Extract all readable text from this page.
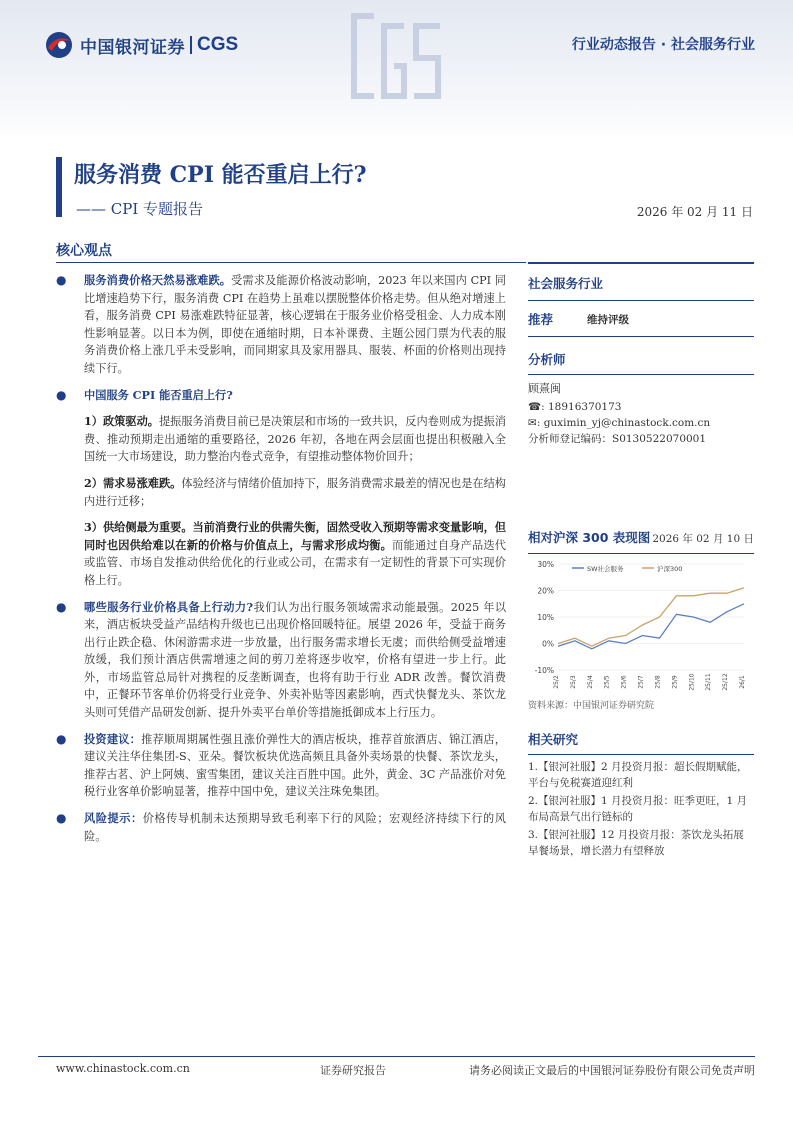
中国银河证券 CGS	行业动态报告 · 社会服务行业
服务消费 CPI 能否重启上行?
—— CPI 专题报告	2026 年 02 月 11 日
核心观点
● 服务消费价格天然易涨难跌。受需求及能源价格波动影响，2023 年以来国内 CPI 同比增速趋势下行，服务消费 CPI 在趋势上虽难以摆脱整体价格走势。但从绝对增速上看，服务消费 CPI 易涨难跌特征显著，核心逻辑在于服务业价格受租金、人力成本刚性影响显著。以日本为例，即使在通缩时期，日本补课费、主题公园门票为代表的服务消费价格上涨几乎未受影响，而同期家具及家用器具、服装、杯面的价格则出现持续下行。
● 中国服务 CPI 能否重启上行?
1）政策驱动。提振服务消费目前已是决策层和市场的一致共识，反内卷则成为提振消费、推动预期走出通缩的重要路径，2026 年初，各地在两会层面也提出积极融入全国统一大市场建设，助力整治内卷式竞争，有望推动整体物价回升；
2）需求易涨难跌。体验经济与情绪价值加持下，服务消费需求最差的情况也是在结构内进行迁移；
3）供给侧最为重要。当前消费行业的供需失衡，固然受收入预期等需求变量影响，但同时也因供给难以在新的价格与价值点上，与需求形成均衡。而能通过自身产品迭代或监管、市场自发推动供给优化的行业或公司，在需求有一定韧性的背景下可实现价格上行。
● 哪些服务行业价格具备上行动力?我们认为出行服务领域需求动能最强。2025 年以来，酒店板块受益产品结构升级也已出现价格回暖特征。展望 2026 年，受益于商务出行止跌企稳、休闲游需求进一步放量，出行服务需求增长无虞；而供给侧受益增速放缓，我们预计酒店供需增速之间的剪刀差将逐步收窄，价格有望进一步上行。此外，市场监管总局针对携程的反垄断调查，也将有助于行业 ADR 改善。餐饮消费中，正餐环节客单价仍将受行业竞争、外卖补贴等因素影响，西式快餐龙头、茶饮龙头则可凭借产品研发创新、提升外卖平台单价等措施抵御成本上行压力。
● 投资建议：推荐顺周期属性强且涨价弹性大的酒店板块，推荐首旅酒店、锦江酒店，建议关注华住集团-S、亚朵。餐饮板块优选高频且具备外卖场景的快餐、茶饮龙头，推荐古茗、沪上阿姨、蜜雪集团，建议关注百胜中国。此外，黄金、3C 产品涨价对免税行业客单价影响显著，推荐中国中免，建议关注珠免集团。
● 风险提示：价格传导机制未达预期导致毛利率下行的风险；宏观经济持续下行的风险。
社会服务行业
推荐	维持评级
分析师
顾熹闽
☎: 18916370173
✉: guximin_yj@chinastock.com.cn
分析师登记编码：S0130522070001
相对沪深 300 表现图 2026 年 02 月 10 日
30%
20%
10%
0%
-10%
25/2 25/3 25/4 25/5 25/6 25/7 25/8 25/9 25/10 25/11 25/12 26/1
SW社会服务	沪深300
资料来源：中国银河证券研究院
相关研究
1.【银河社服】2 月投资月报：超长假期赋能，平台与免税赛道迎红利
2.【银河社服】1 月投资月报：旺季更旺，1 月布局高景气出行链标的
3.【银河社服】12 月投资月报：茶饮龙头拓展早餐场景，增长潜力有望释放
www.chinastock.com.cn	证券研究报告	请务必阅读正文最后的中国银河证券股份有限公司免责声明
